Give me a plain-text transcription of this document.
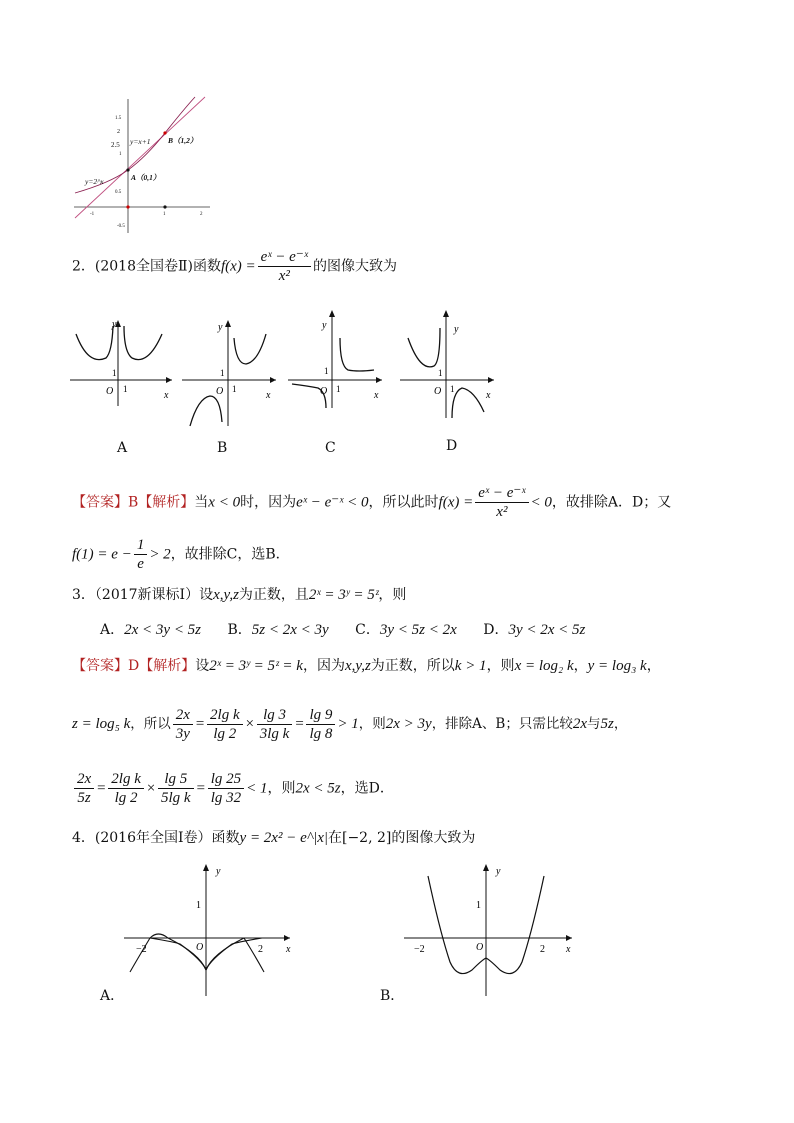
2.5
2
1.5
1
0.5
-0.5
-1	1	2
y=x+1
y=2^x	A（0,1）
B（1,2）
2．(2018全国卷Ⅱ)函数$f(x) = \frac{\text{eˣ − e⁻ˣ}}{\text{x²}}$ 的图像大致为
y
x
O
1
1
A
y
x
O
1
1
B
y
x
O
1
1
C
y
x
O
1
1
D
【答案】B【解析】当x < 0时，因为eˣ − e⁻ˣ < 0，所以此时$f(x) = \frac{\text{eˣ − e⁻ˣ}}{\text{x²}} < 0$，故排除A．D；又
$f(1) = e - \frac{1}{e} > 2$，故排除C，选B．
3．（2017新课标Ⅰ）设x,y,z为正数，且2ˣ = 3ʸ = 5ᶻ，则
A．2x < 3y < 5z B．5z < 2x < 3y C．3y < 5z < 2x D．3y < 2x < 5z
【答案】D【解析】设2ˣ = 3ʸ = 5ᶻ = k，因为x,y,z为正数，所以k > 1，则x = log₂ k，y = log₃ k，
z = log₅ k，所以 $\frac{2x}{3y} = \frac{\text{2lg k}}{\lg 2} \times \frac{\lg 3}{\text{3lg k}} = \frac{\lg 9}{\lg 8} > 1$，则2x > 3y，排除A、B；只需比较2x与5z，
$\frac{2x}{5z} = \frac{\text{2lg k}}{\lg 2} \times \frac{\lg 5}{\text{5lg k}} = \frac{\lg 25}{\lg 32} < 1$，则2x < 5z，选D．
4．(2016年全国Ⅰ卷）函数y = 2x² − e^|x|在[−2, 2]的图像大致为
y
x
O
1
−2	2
A．
y
x
O
1
−2	2
B．
